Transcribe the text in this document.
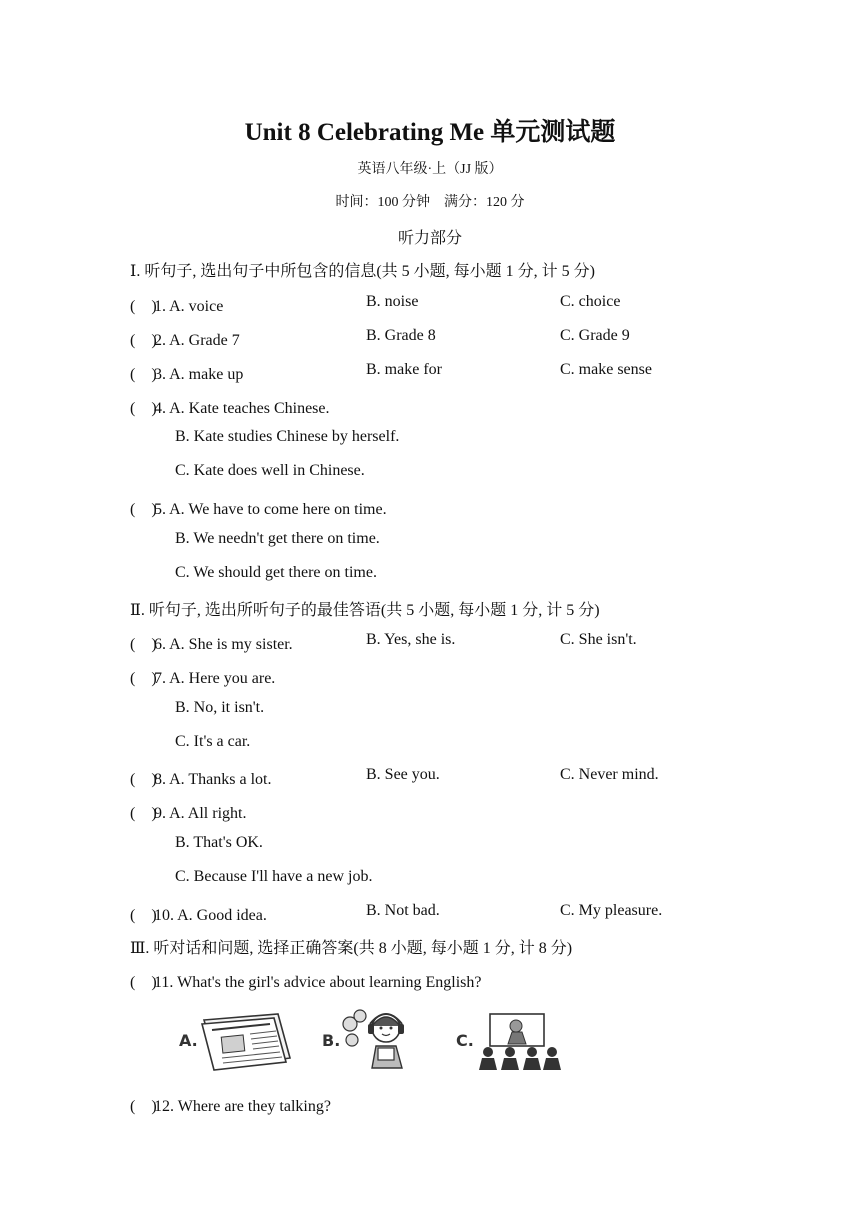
Unit 8 Celebrating Me 单元测试题
英语八年级·上（JJ 版）
时间：100 分钟　满分：120 分
听力部分
Ⅰ. 听句子, 选出句子中所包含的信息(共 5 小题, 每小题 1 分, 计 5 分)
(　)1. A. voice	B. noise	C. choice
(　)2. A. Grade 7	B. Grade 8	C. Grade 9
(　)3. A. make up	B. make for	C. make sense
(　)4. A. Kate teaches Chinese.
B. Kate studies Chinese by herself.
C. Kate does well in Chinese.
(　)5. A. We have to come here on time.
B. We needn't get there on time.
C. We should get there on time.
Ⅱ. 听句子, 选出所听句子的最佳答语(共 5 小题, 每小题 1 分, 计 5 分)
(　)6. A. She is my sister.	B. Yes, she is.	C. She isn't.
(　)7. A. Here you are.
B. No, it isn't.
C. It's a car.
(　)8. A. Thanks a lot.	B. See you.	C. Never mind.
(　)9. A. All right.
B. That's OK.
C. Because I'll have a new job.
(　)10. A. Good idea.	B. Not bad.	C. My pleasure.
Ⅲ. 听对话和问题, 选择正确答案(共 8 小题, 每小题 1 分, 计 8 分)
(　)11. What's the girl's advice about learning English?
A.	B.	C.
(　)12. Where are they talking?
